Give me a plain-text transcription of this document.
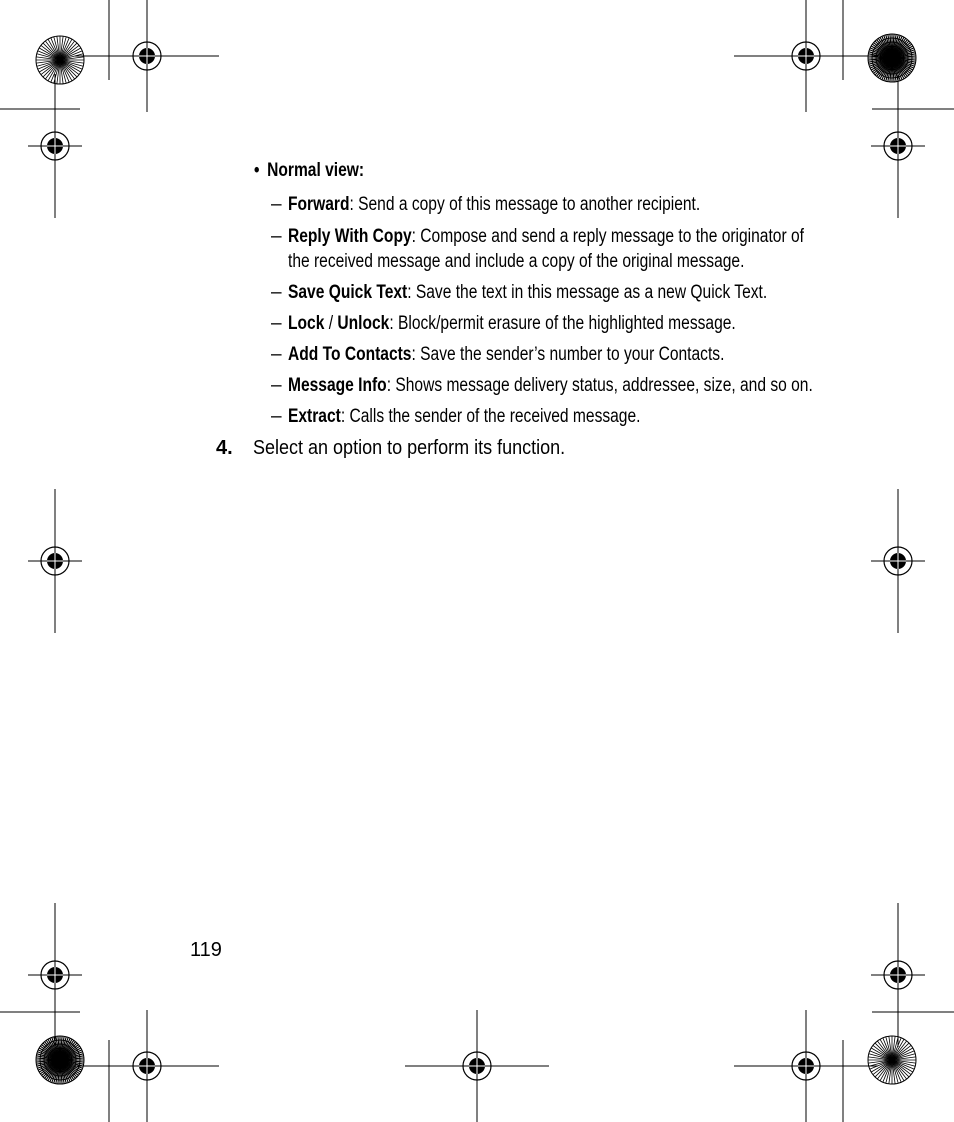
• Normal view:
– Forward: Send a copy of this message to another recipient.
– Reply With Copy: Compose and send a reply message to the originator of
the received message and include a copy of the original message.
– Save Quick Text: Save the text in this message as a new Quick Text.
– Lock / Unlock: Block/permit erasure of the highlighted message.
– Add To Contacts: Save the sender’s number to your Contacts.
– Message Info: Shows message delivery status, addressee, size, and so on.
– Extract: Calls the sender of the received message.
4. Select an option to perform its function.
119
